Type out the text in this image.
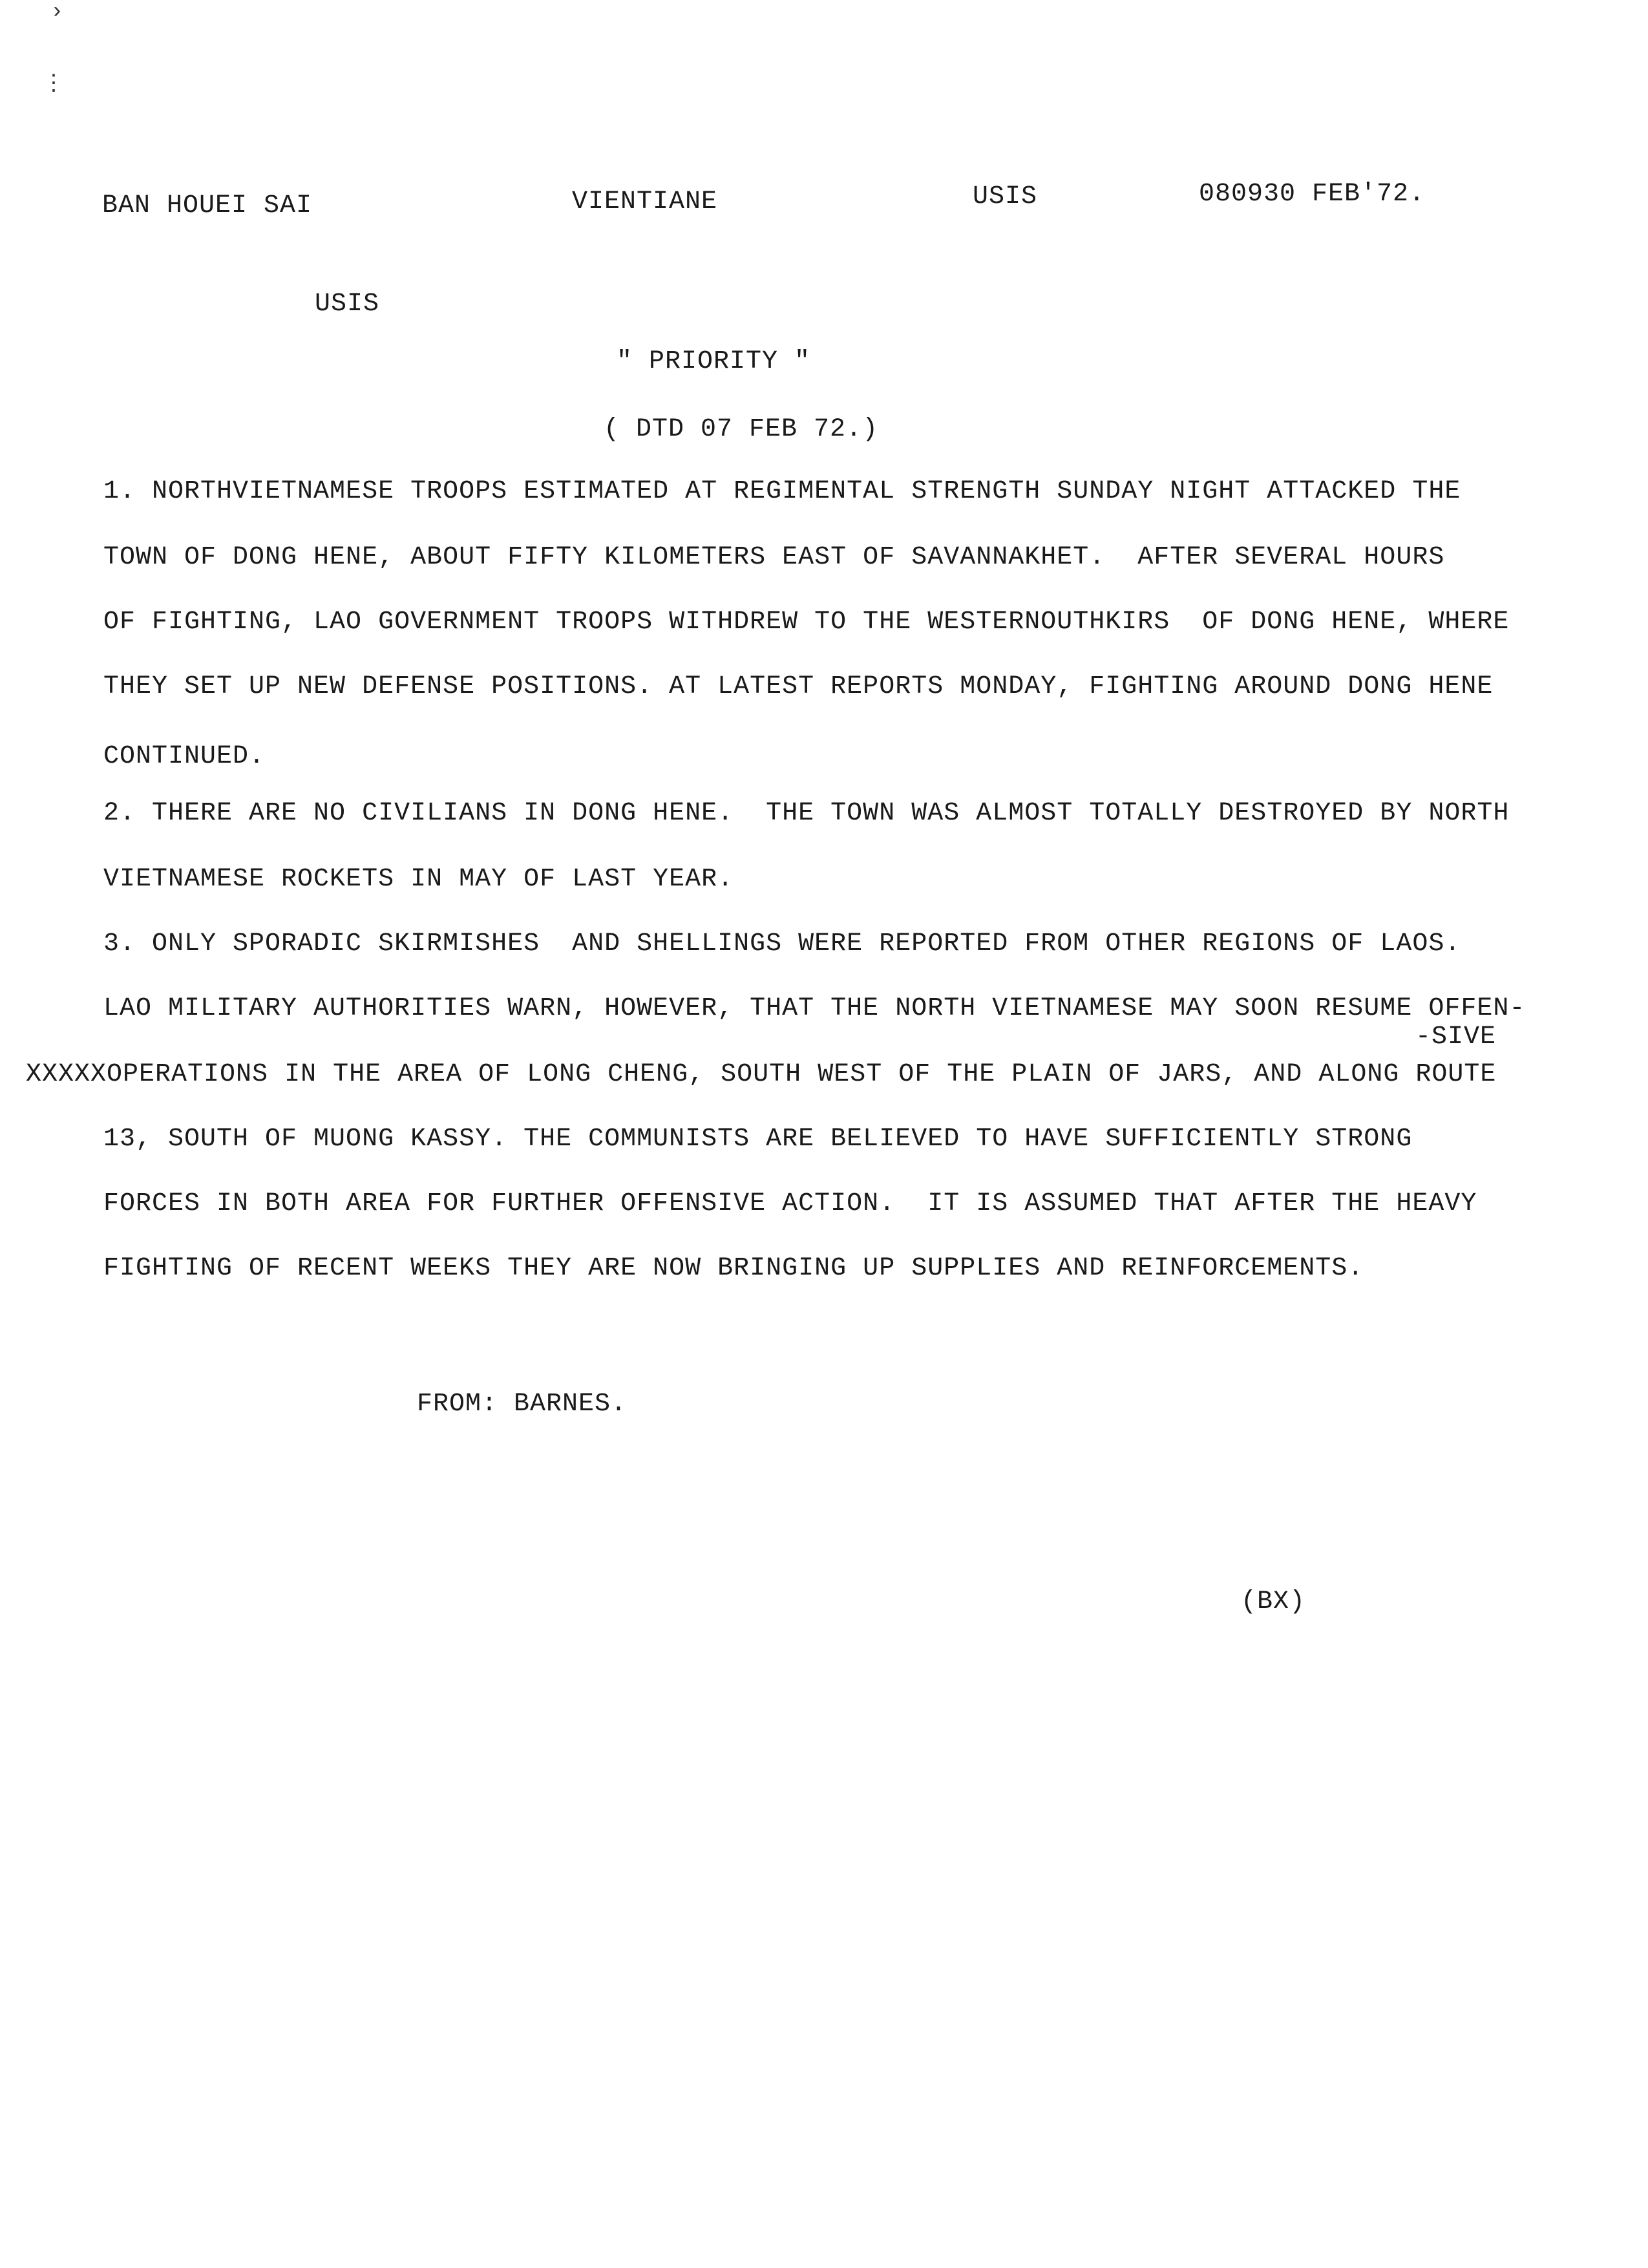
›
⋮
BAN HOUEI SAI	VIENTIANE	USIS	080930 FEB'72.
USIS
" PRIORITY "
( DTD 07 FEB 72.)
1. NORTHVIETNAMESE TROOPS ESTIMATED AT REGIMENTAL STRENGTH SUNDAY NIGHT ATTACKED THE
TOWN OF DONG HENE, ABOUT FIFTY KILOMETERS EAST OF SAVANNAKHET.  AFTER SEVERAL HOURS
OF FIGHTING, LAO GOVERNMENT TROOPS WITHDREW TO THE WESTERNOUTHKIRS  OF DONG HENE, WHERE
THEY SET UP NEW DEFENSE POSITIONS. AT LATEST REPORTS MONDAY, FIGHTING AROUND DONG HENE
CONTINUED.
2. THERE ARE NO CIVILIANS IN DONG HENE.  THE TOWN WAS ALMOST TOTALLY DESTROYED BY NORTH
VIETNAMESE ROCKETS IN MAY OF LAST YEAR.
3. ONLY SPORADIC SKIRMISHES  AND SHELLINGS WERE REPORTED FROM OTHER REGIONS OF LAOS.
LAO MILITARY AUTHORITIES WARN, HOWEVER, THAT THE NORTH VIETNAMESE MAY SOON RESUME OFFEN-
-SIVE
XXXXXOPERATIONS IN THE AREA OF LONG CHENG, SOUTH WEST OF THE PLAIN OF JARS, AND ALONG ROUTE
13, SOUTH OF MUONG KASSY. THE COMMUNISTS ARE BELIEVED TO HAVE SUFFICIENTLY STRONG
FORCES IN BOTH AREA FOR FURTHER OFFENSIVE ACTION.  IT IS ASSUMED THAT AFTER THE HEAVY
FIGHTING OF RECENT WEEKS THEY ARE NOW BRINGING UP SUPPLIES AND REINFORCEMENTS.
FROM: BARNES.
(BX)
